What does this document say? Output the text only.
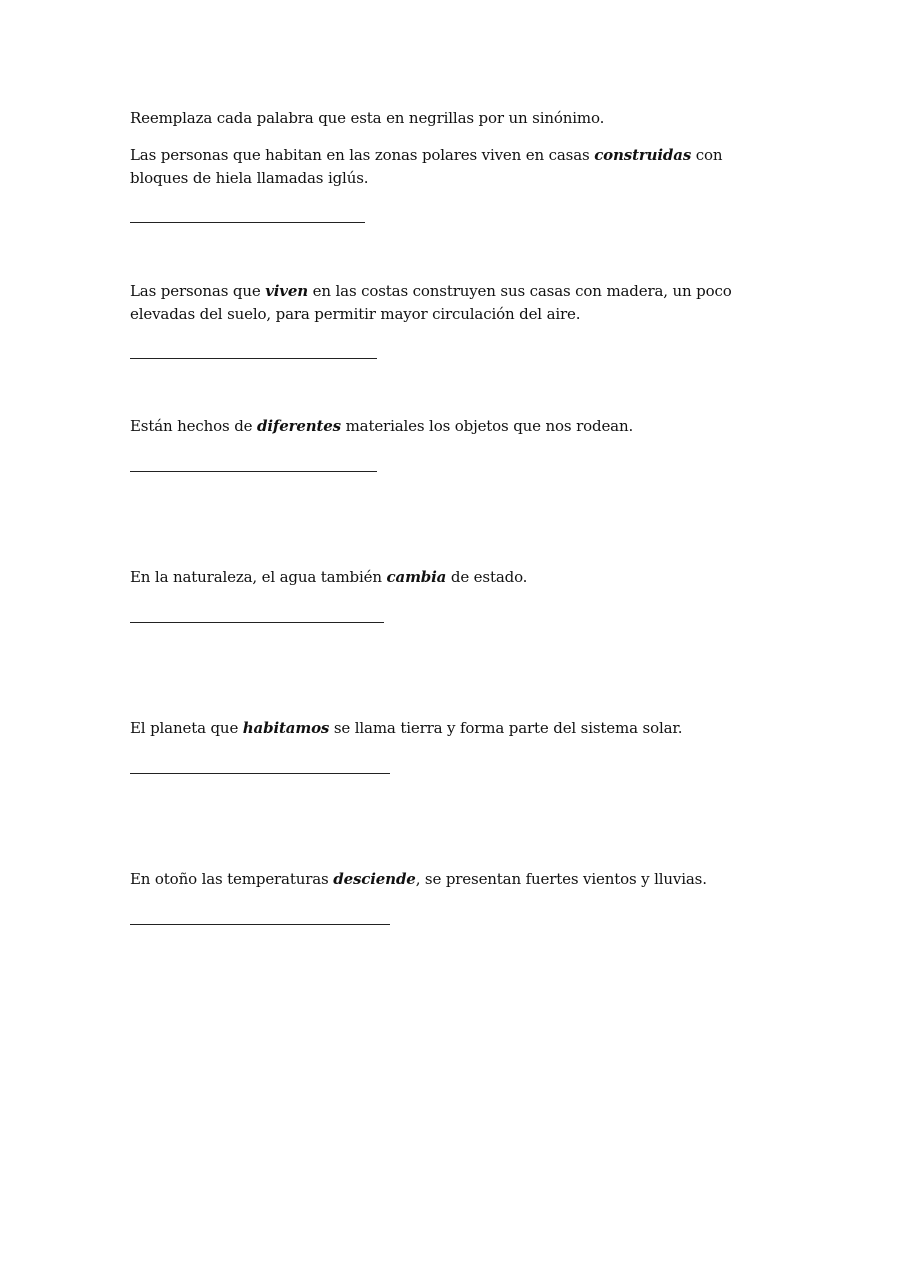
Reemplaza cada palabra que esta en negrillas por un sinónimo.
Las personas que habitan en las zonas polares viven en casas construidas con bloques de hiela llamadas iglús.
Las personas que viven en las costas construyen sus casas con madera, un poco elevadas del suelo, para permitir mayor circulación del aire.
Están hechos de diferentes materiales los objetos que nos rodean.
En la naturaleza, el agua también cambia de estado.
El planeta que habitamos se llama tierra y forma parte del sistema solar.
En otoño las temperaturas desciende, se presentan fuertes vientos y lluvias.
